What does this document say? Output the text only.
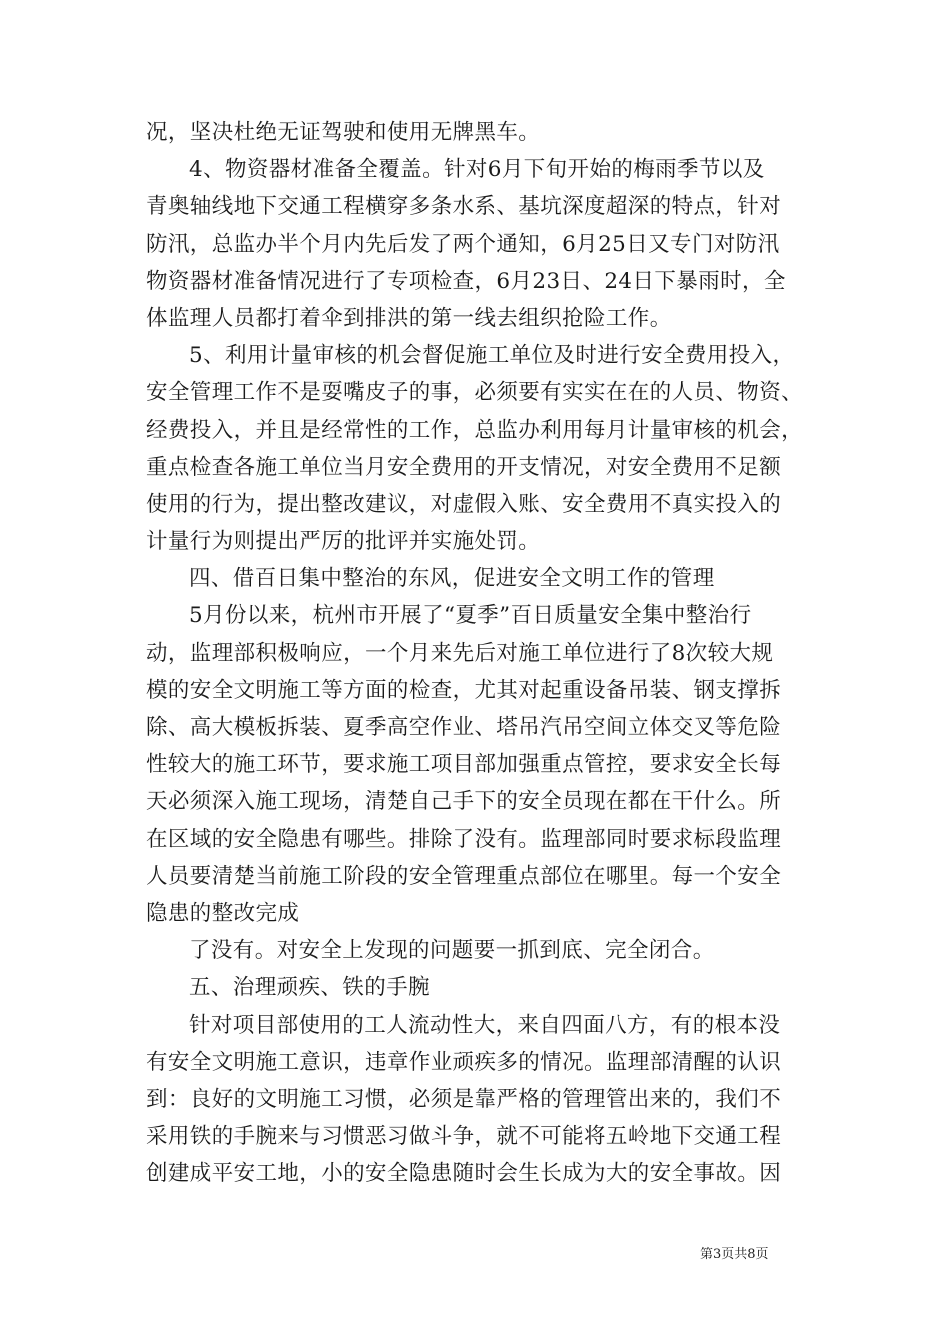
况，坚决杜绝无证驾驶和使用无牌黑车。
4、物资器材准备全覆盖。针对6月下旬开始的梅雨季节以及
青奥轴线地下交通工程横穿多条水系、基坑深度超深的特点，针对
防汛，总监办半个月内先后发了两个通知，6月25日又专门对防汛
物资器材准备情况进行了专项检查，6月23日、24日下暴雨时，全
体监理人员都打着伞到排洪的第一线去组织抢险工作。
5、利用计量审核的机会督促施工单位及时进行安全费用投入，
安全管理工作不是耍嘴皮子的事，必须要有实实在在的人员、物资、
经费投入，并且是经常性的工作，总监办利用每月计量审核的机会，
重点检查各施工单位当月安全费用的开支情况，对安全费用不足额
使用的行为，提出整改建议，对虚假入账、安全费用不真实投入的
计量行为则提出严厉的批评并实施处罚。
四、借百日集中整治的东风，促进安全文明工作的管理
5月份以来，杭州市开展了“夏季”百日质量安全集中整治行
动，监理部积极响应，一个月来先后对施工单位进行了8次较大规
模的安全文明施工等方面的检查，尤其对起重设备吊装、钢支撑拆
除、高大模板拆装、夏季高空作业、塔吊汽吊空间立体交叉等危险
性较大的施工环节，要求施工项目部加强重点管控，要求安全长每
天必须深入施工现场，清楚自己手下的安全员现在都在干什么。所
在区域的安全隐患有哪些。排除了没有。监理部同时要求标段监理
人员要清楚当前施工阶段的安全管理重点部位在哪里。每一个安全
隐患的整改完成
了没有。对安全上发现的问题要一抓到底、完全闭合。
五、治理顽疾、铁的手腕
针对项目部使用的工人流动性大，来自四面八方，有的根本没
有安全文明施工意识，违章作业顽疾多的情况。监理部清醒的认识
到：良好的文明施工习惯，必须是靠严格的管理管出来的，我们不
采用铁的手腕来与习惯恶习做斗争，就不可能将五岭地下交通工程
创建成平安工地，小的安全隐患随时会生长成为大的安全事故。因
第3页共8页
